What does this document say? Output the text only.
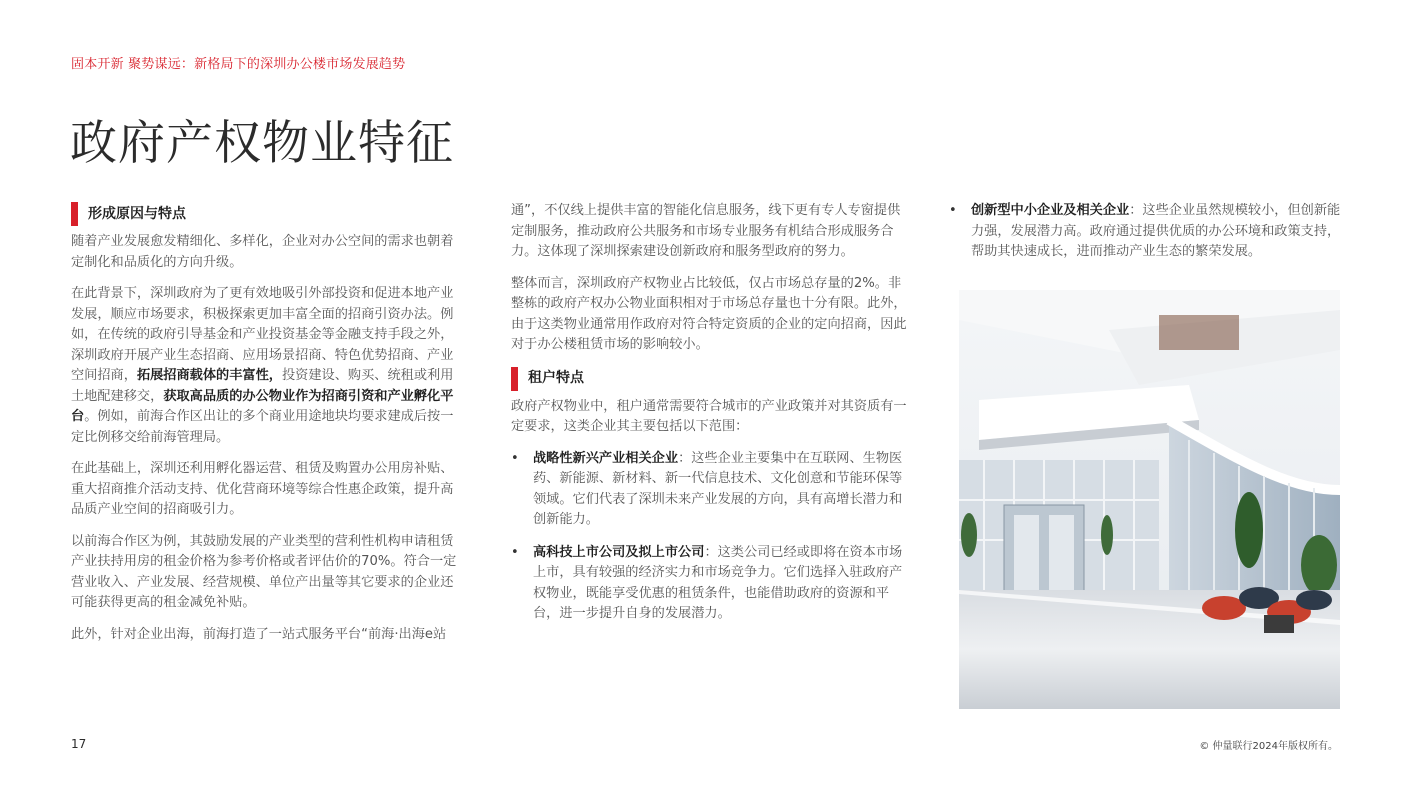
固本开新 聚势谋远：新格局下的深圳办公楼市场发展趋势
政府产权物业特征
形成原因与特点

随着产业发展愈发精细化、多样化，企业对办公空间的需求也朝着定制化和品质化的方向升级。

在此背景下，深圳政府为了更有效地吸引外部投资和促进本地产业发展，顺应市场要求，积极探索更加丰富全面的招商引资办法。例如，在传统的政府引导基金和产业投资基金等金融支持手段之外，深圳政府开展产业生态招商、应用场景招商、特色优势招商、产业空间招商，拓展招商载体的丰富性，投资建设、购买、统租或利用土地配建移交，获取高品质的办公物业作为招商引资和产业孵化平台。例如，前海合作区出让的多个商业用途地块均要求建成后按一定比例移交给前海管理局。

在此基础上，深圳还利用孵化器运营、租赁及购置办公用房补贴、重大招商推介活动支持、优化营商环境等综合性惠企政策，提升高品质产业空间的招商吸引力。

以前海合作区为例，其鼓励发展的产业类型的营利性机构申请租赁产业扶持用房的租金价格为参考价格或者评估价的70%。符合一定营业收入、产业发展、经营规模、单位产出量等其它要求的企业还可能获得更高的租金减免补贴。

此外，针对企业出海，前海打造了一站式服务平台“前海·出海e站

通”，不仅线上提供丰富的智能化信息服务，线下更有专人专窗提供定制服务，推动政府公共服务和市场专业服务有机结合形成服务合力。这体现了深圳探索建设创新政府和服务型政府的努力。

整体而言，深圳政府产权物业占比较低，仅占市场总存量的2%。非整栋的政府产权办公物业面积相对于市场总存量也十分有限。此外，由于这类物业通常用作政府对符合特定资质的企业的定向招商，因此对于办公楼租赁市场的影响较小。

租户特点

政府产权物业中，租户通常需要符合城市的产业政策并对其资质有一定要求，这类企业其主要包括以下范围：

• 战略性新兴产业相关企业：这些企业主要集中在互联网、生物医药、新能源、新材料、新一代信息技术、文化创意和节能环保等领域。它们代表了深圳未来产业发展的方向，具有高增长潜力和创新能力。
• 高科技上市公司及拟上市公司：这类公司已经或即将在资本市场上市，具有较强的经济实力和市场竞争力。它们选择入驻政府产权物业，既能享受优惠的租赁条件，也能借助政府的资源和平台，进一步提升自身的发展潜力。
• 创新型中小企业及相关企业：这些企业虽然规模较小，但创新能力强，发展潜力高。政府通过提供优质的办公环境和政策支持，帮助其快速成长，进而推动产业生态的繁荣发展。
17	© 仲量联行2024年版权所有。
